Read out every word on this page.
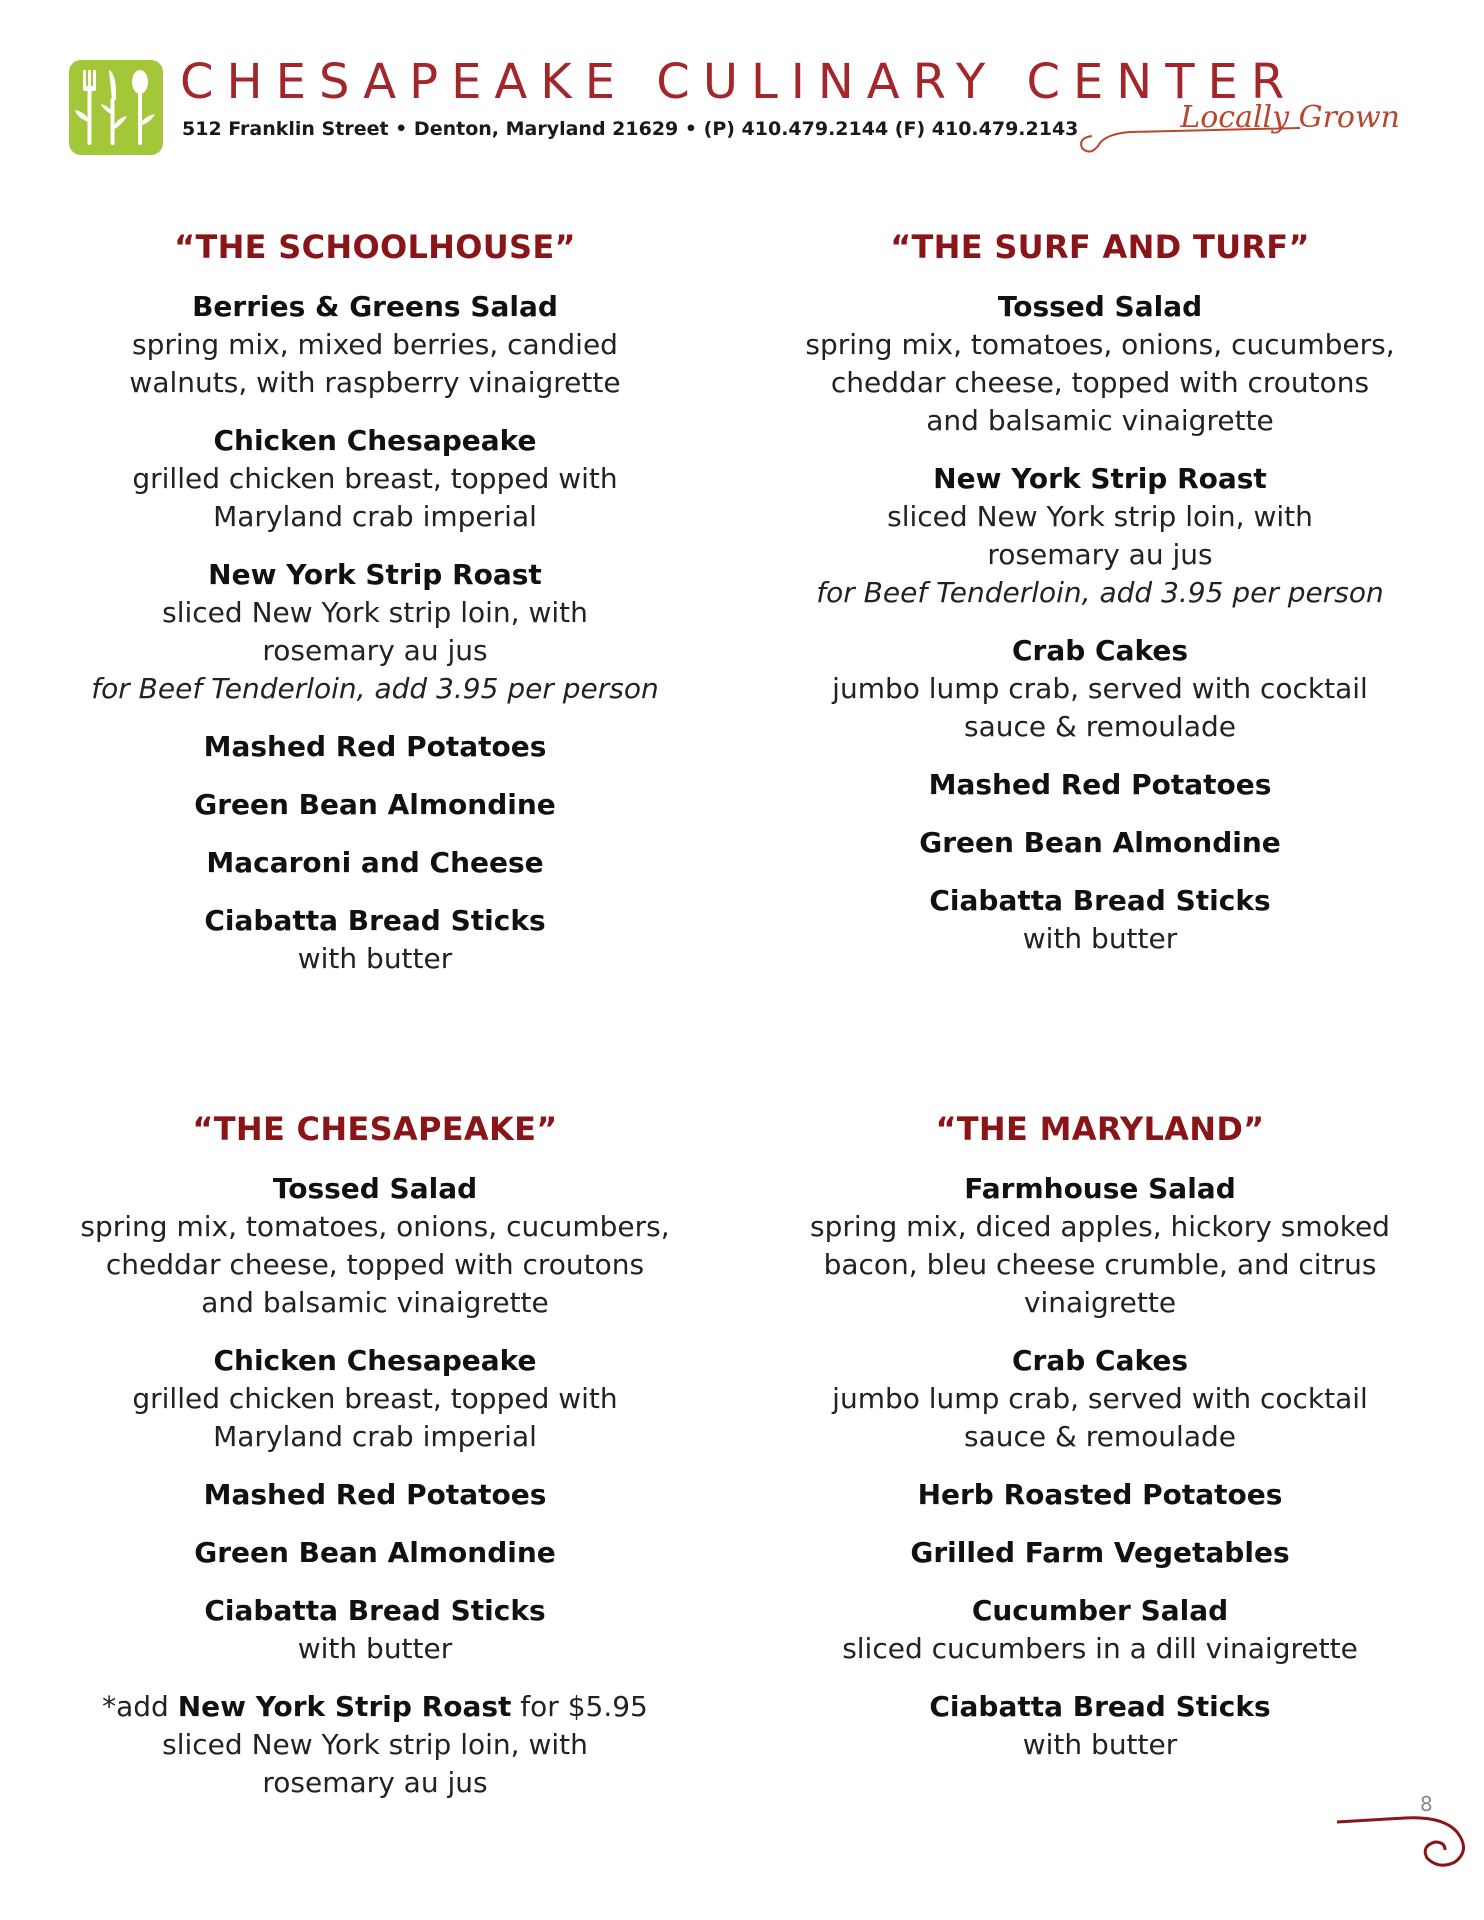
CHESAPEAKE CULINARY CENTER
512 Franklin Street • Denton, Maryland 21629 • (P) 410.479.2144 (F) 410.479.2143	Locally Grown
“THE SCHOOLHOUSE”
Berries & Greens Salad
spring mix, mixed berries, candied
walnuts, with raspberry vinaigrette
Chicken Chesapeake
grilled chicken breast, topped with
Maryland crab imperial
New York Strip Roast
sliced New York strip loin, with
rosemary au jus
for Beef Tenderloin, add 3.95 per person
Mashed Red Potatoes
Green Bean Almondine
Macaroni and Cheese
Ciabatta Bread Sticks
with butter
“THE SURF AND TURF”
Tossed Salad
spring mix, tomatoes, onions, cucumbers,
cheddar cheese, topped with croutons
and balsamic vinaigrette
New York Strip Roast
sliced New York strip loin, with
rosemary au jus
for Beef Tenderloin, add 3.95 per person
Crab Cakes
jumbo lump crab, served with cocktail
sauce & remoulade
Mashed Red Potatoes
Green Bean Almondine
Ciabatta Bread Sticks
with butter
“THE CHESAPEAKE”
Tossed Salad
spring mix, tomatoes, onions, cucumbers,
cheddar cheese, topped with croutons
and balsamic vinaigrette
Chicken Chesapeake
grilled chicken breast, topped with
Maryland crab imperial
Mashed Red Potatoes
Green Bean Almondine
Ciabatta Bread Sticks
with butter
*add New York Strip Roast for $5.95
sliced New York strip loin, with
rosemary au jus
“THE MARYLAND”
Farmhouse Salad
spring mix, diced apples, hickory smoked
bacon, bleu cheese crumble, and citrus
vinaigrette
Crab Cakes
jumbo lump crab, served with cocktail
sauce & remoulade
Herb Roasted Potatoes
Grilled Farm Vegetables
Cucumber Salad
sliced cucumbers in a dill vinaigrette
Ciabatta Bread Sticks
with butter
8
